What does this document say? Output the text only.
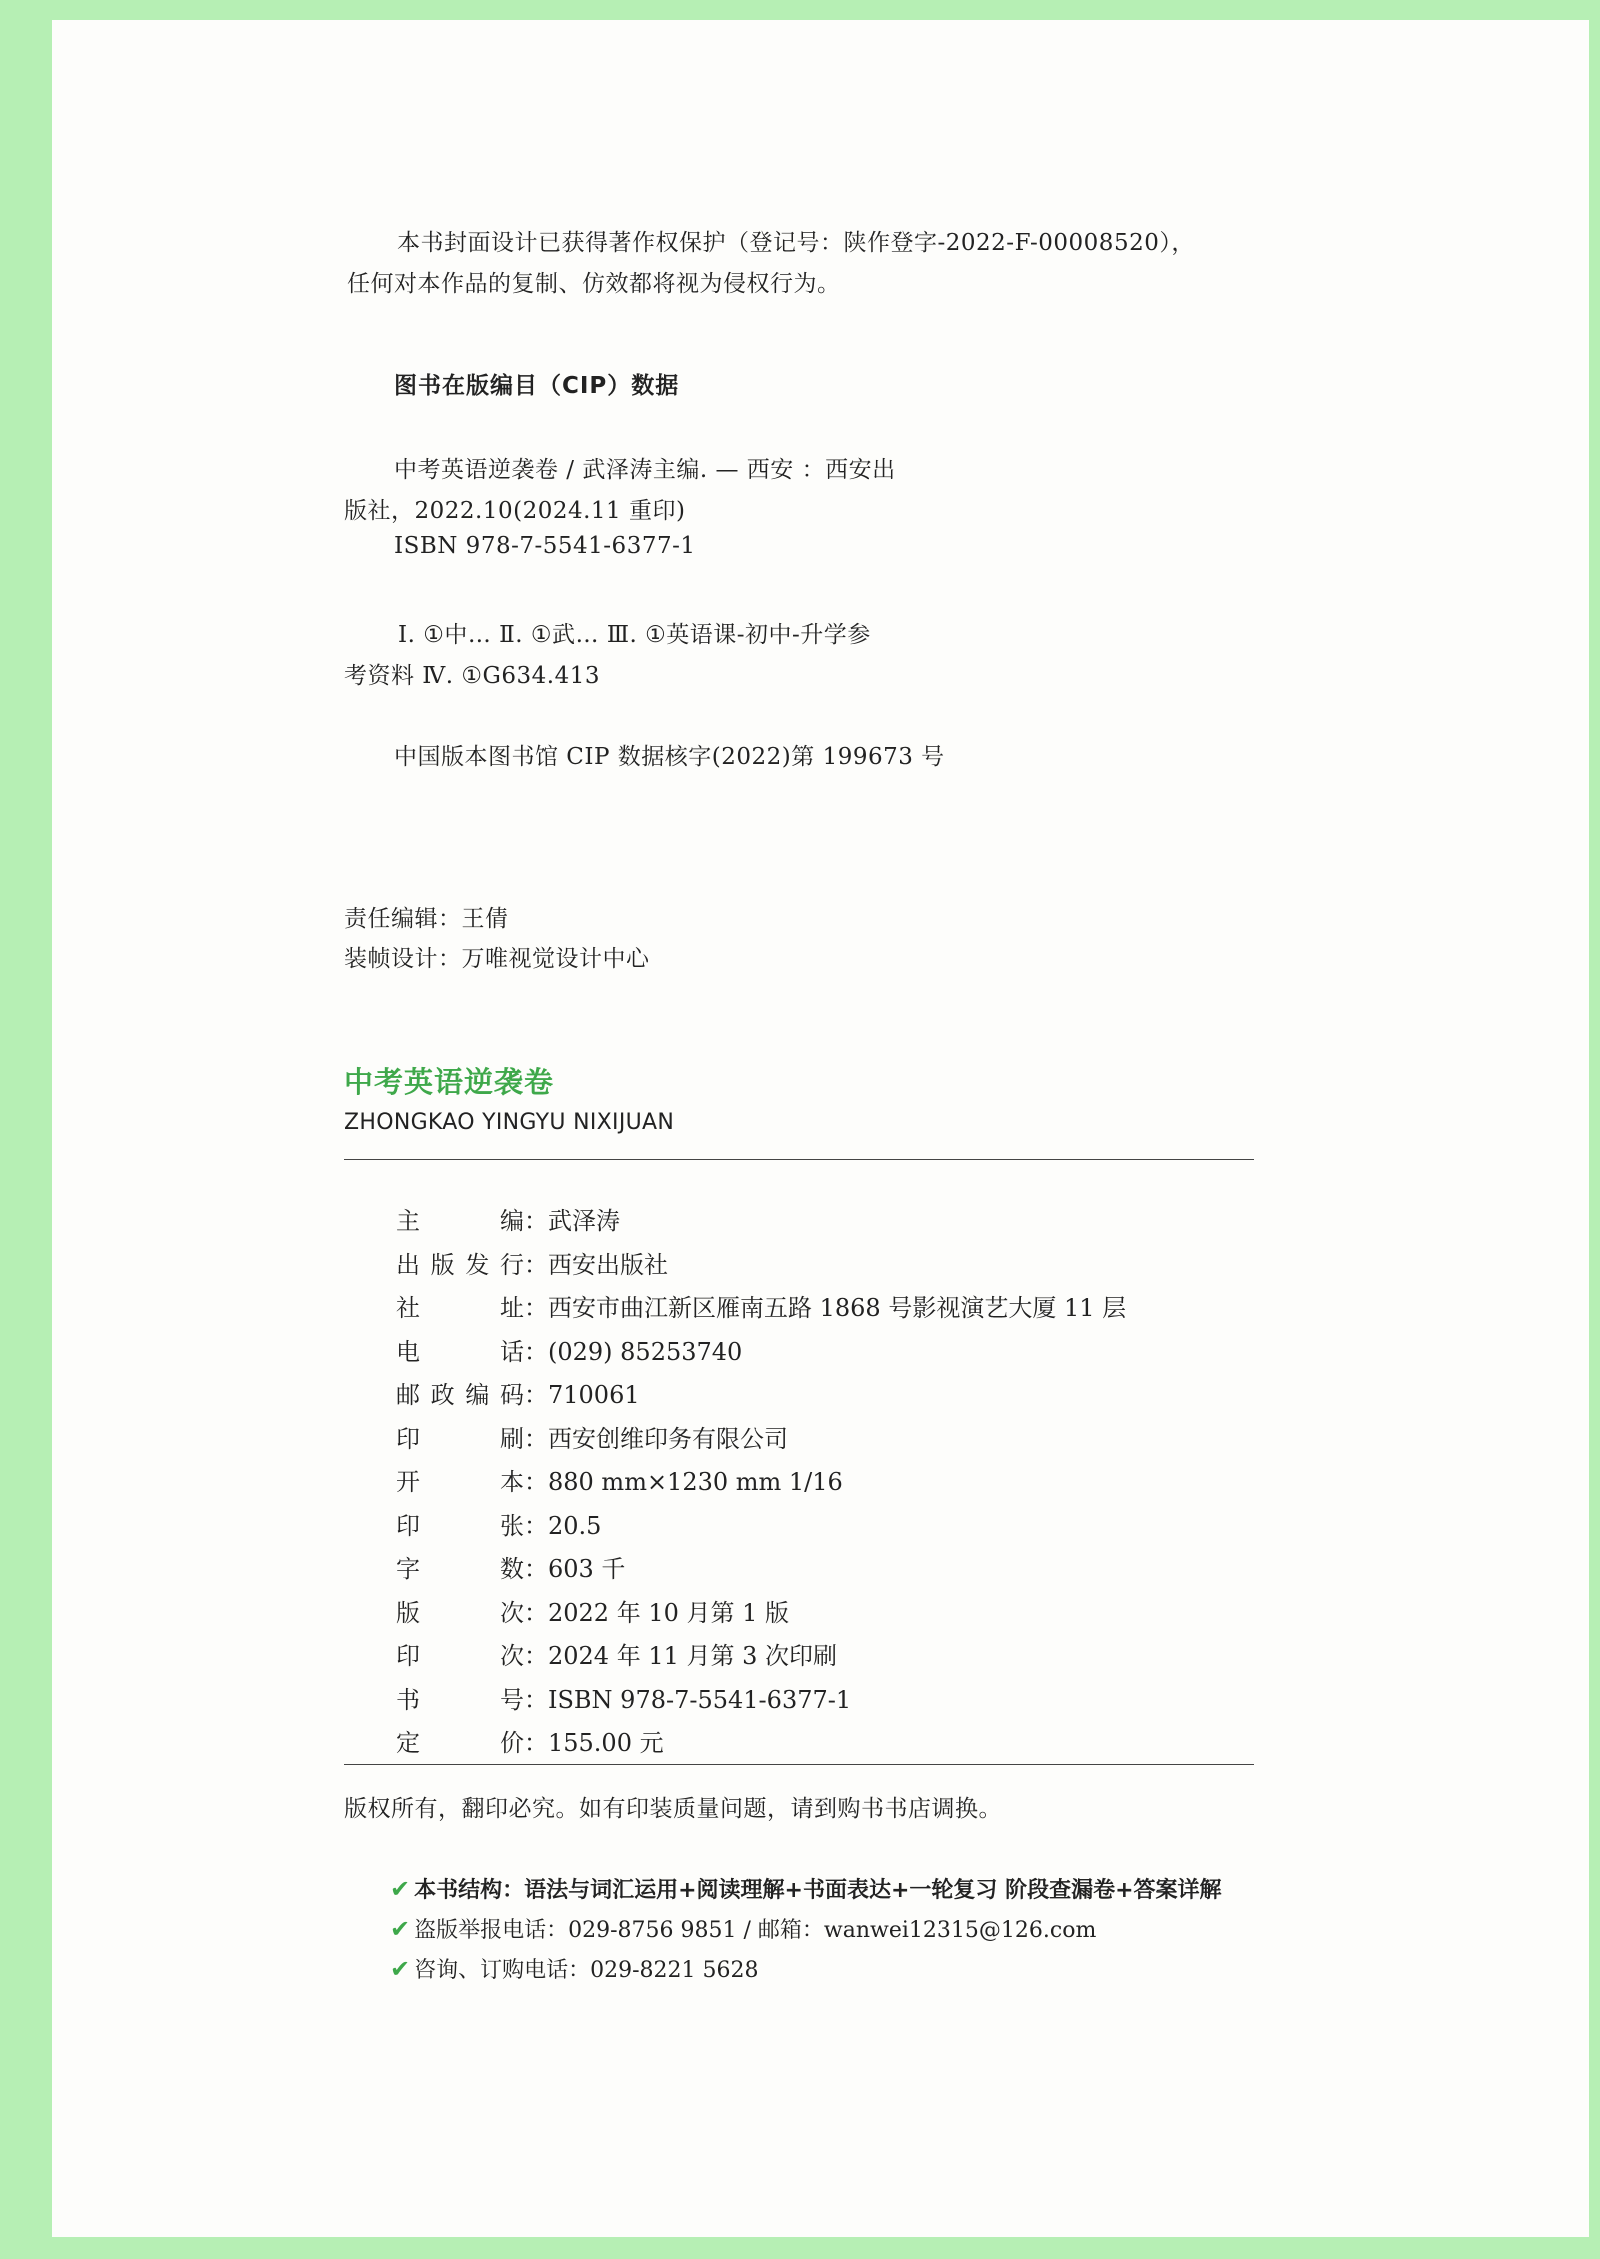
本书封面设计已获得著作权保护（登记号：陕作登字-2022-F-00008520），
任何对本作品的复制、仿效都将视为侵权行为。
图书在版编目（CIP）数据
中考英语逆袭卷 / 武泽涛主编. — 西安 ：西安出
版社，2022.10(2024.11 重印)
ISBN 978-7-5541-6377-1
Ⅰ. ①中… Ⅱ. ①武… Ⅲ. ①英语课-初中-升学参
考资料 Ⅳ. ①G634.413
中国版本图书馆 CIP 数据核字(2022)第 199673 号
责任编辑：王倩
装帧设计：万唯视觉设计中心
中考英语逆袭卷
ZHONGKAO YINGYU NIXIJUAN
主编：武泽涛
出版发行：西安出版社
社址：西安市曲江新区雁南五路 1868 号影视演艺大厦 11 层
电话：(029) 85253740
邮政编码：710061
印刷：西安创维印务有限公司
开本：880 mm×1230 mm 1/16
印张：20.5
字数：603 千
版次：2022 年 10 月第 1 版
印次：2024 年 11 月第 3 次印刷
书号：ISBN 978-7-5541-6377-1
定价：155.00 元
版权所有，翻印必究。如有印装质量问题，请到购书书店调换。
✔ 本书结构：语法与词汇运用+阅读理解+书面表达+一轮复习 阶段查漏卷+答案详解
✔ 盗版举报电话：029-8756 9851 / 邮箱：wanwei12315@126.com
✔ 咨询、订购电话：029-8221 5628
